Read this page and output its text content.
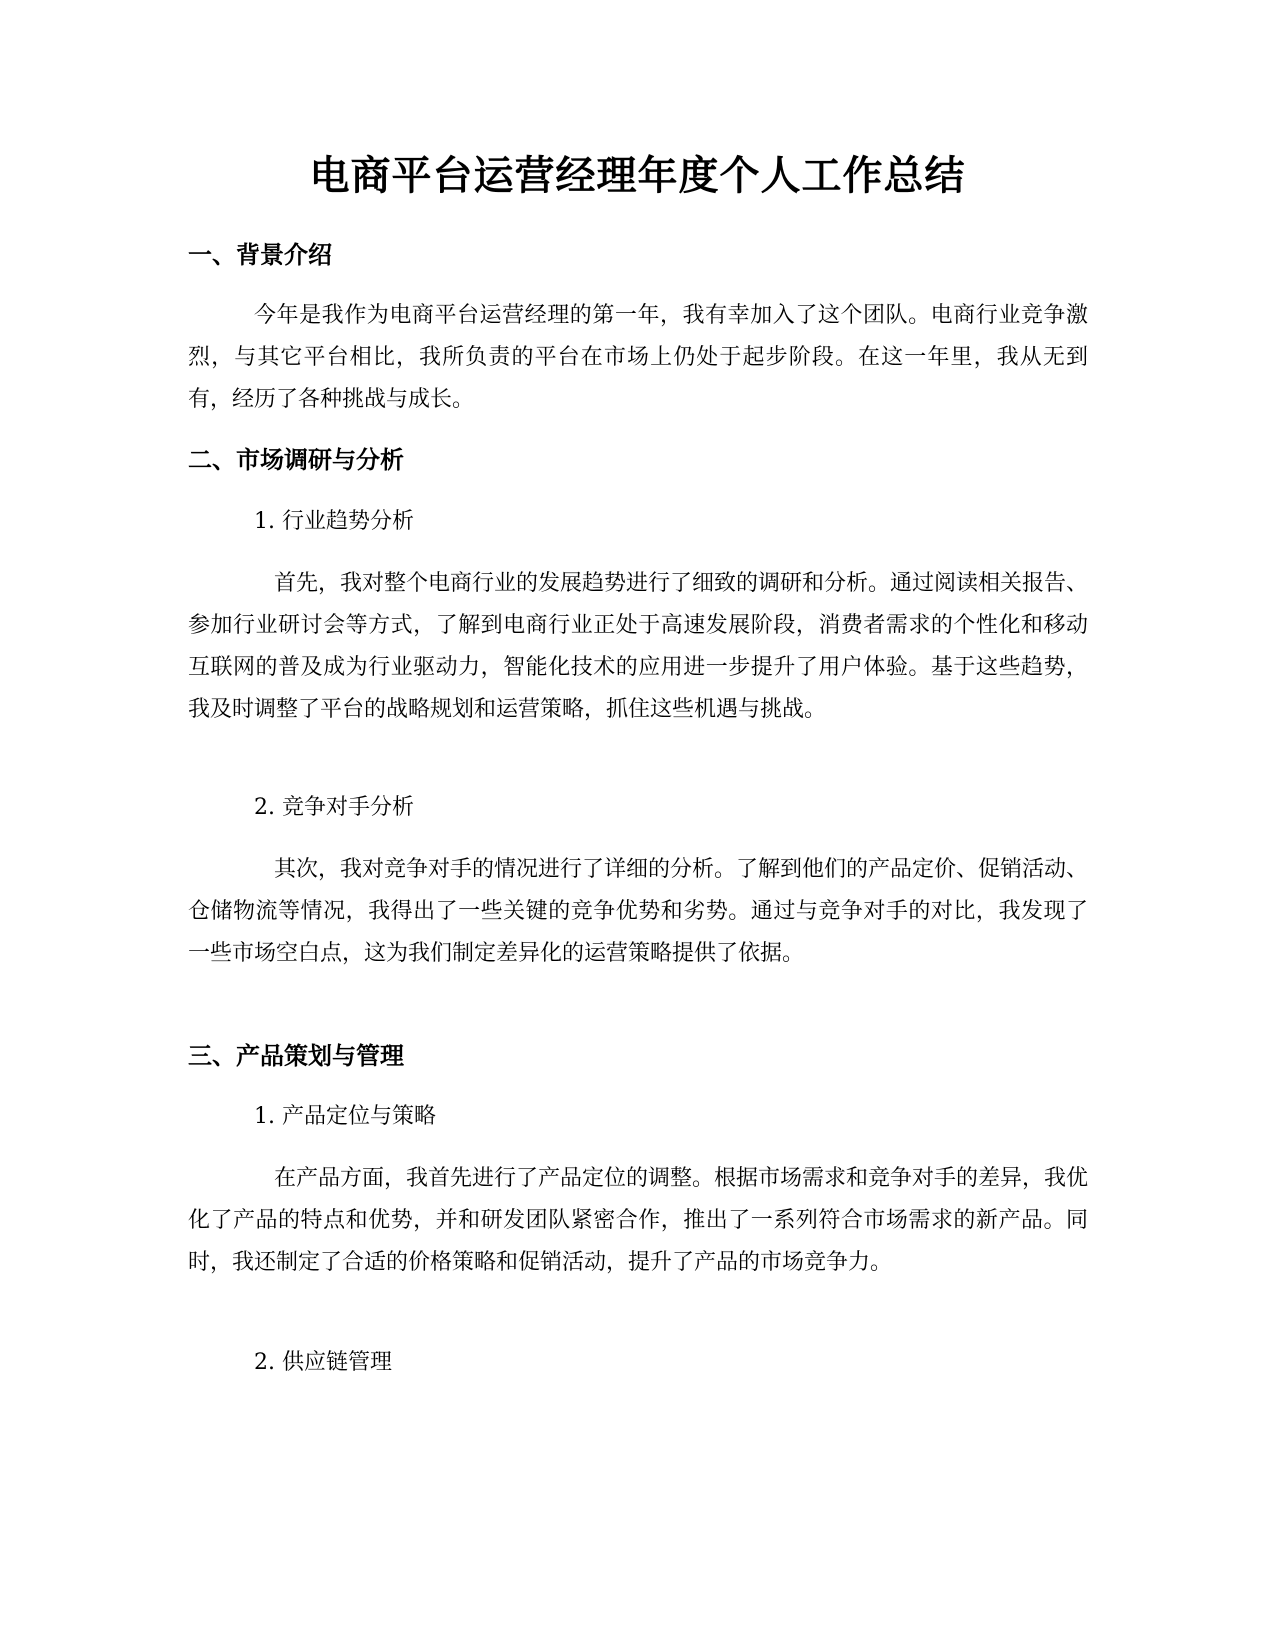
电商平台运营经理年度个人工作总结
一、背景介绍

今年是我作为电商平台运营经理的第一年，我有幸加入了这个团队。电商行业竞争激烈，与其它平台相比，我所负责的平台在市场上仍处于起步阶段。在这一年里，我从无到有，经历了各种挑战与成长。

二、市场调研与分析

1. 行业趋势分析

首先，我对整个电商行业的发展趋势进行了细致的调研和分析。通过阅读相关报告、参加行业研讨会等方式，了解到电商行业正处于高速发展阶段，消费者需求的个性化和移动互联网的普及成为行业驱动力，智能化技术的应用进一步提升了用户体验。基于这些趋势，我及时调整了平台的战略规划和运营策略，抓住这些机遇与挑战。

2. 竞争对手分析

其次，我对竞争对手的情况进行了详细的分析。了解到他们的产品定价、促销活动、仓储物流等情况，我得出了一些关键的竞争优势和劣势。通过与竞争对手的对比，我发现了一些市场空白点，这为我们制定差异化的运营策略提供了依据。

三、产品策划与管理

1. 产品定位与策略

在产品方面，我首先进行了产品定位的调整。根据市场需求和竞争对手的差异，我优化了产品的特点和优势，并和研发团队紧密合作，推出了一系列符合市场需求的新产品。同时，我还制定了合适的价格策略和促销活动，提升了产品的市场竞争力。

2. 供应链管理
